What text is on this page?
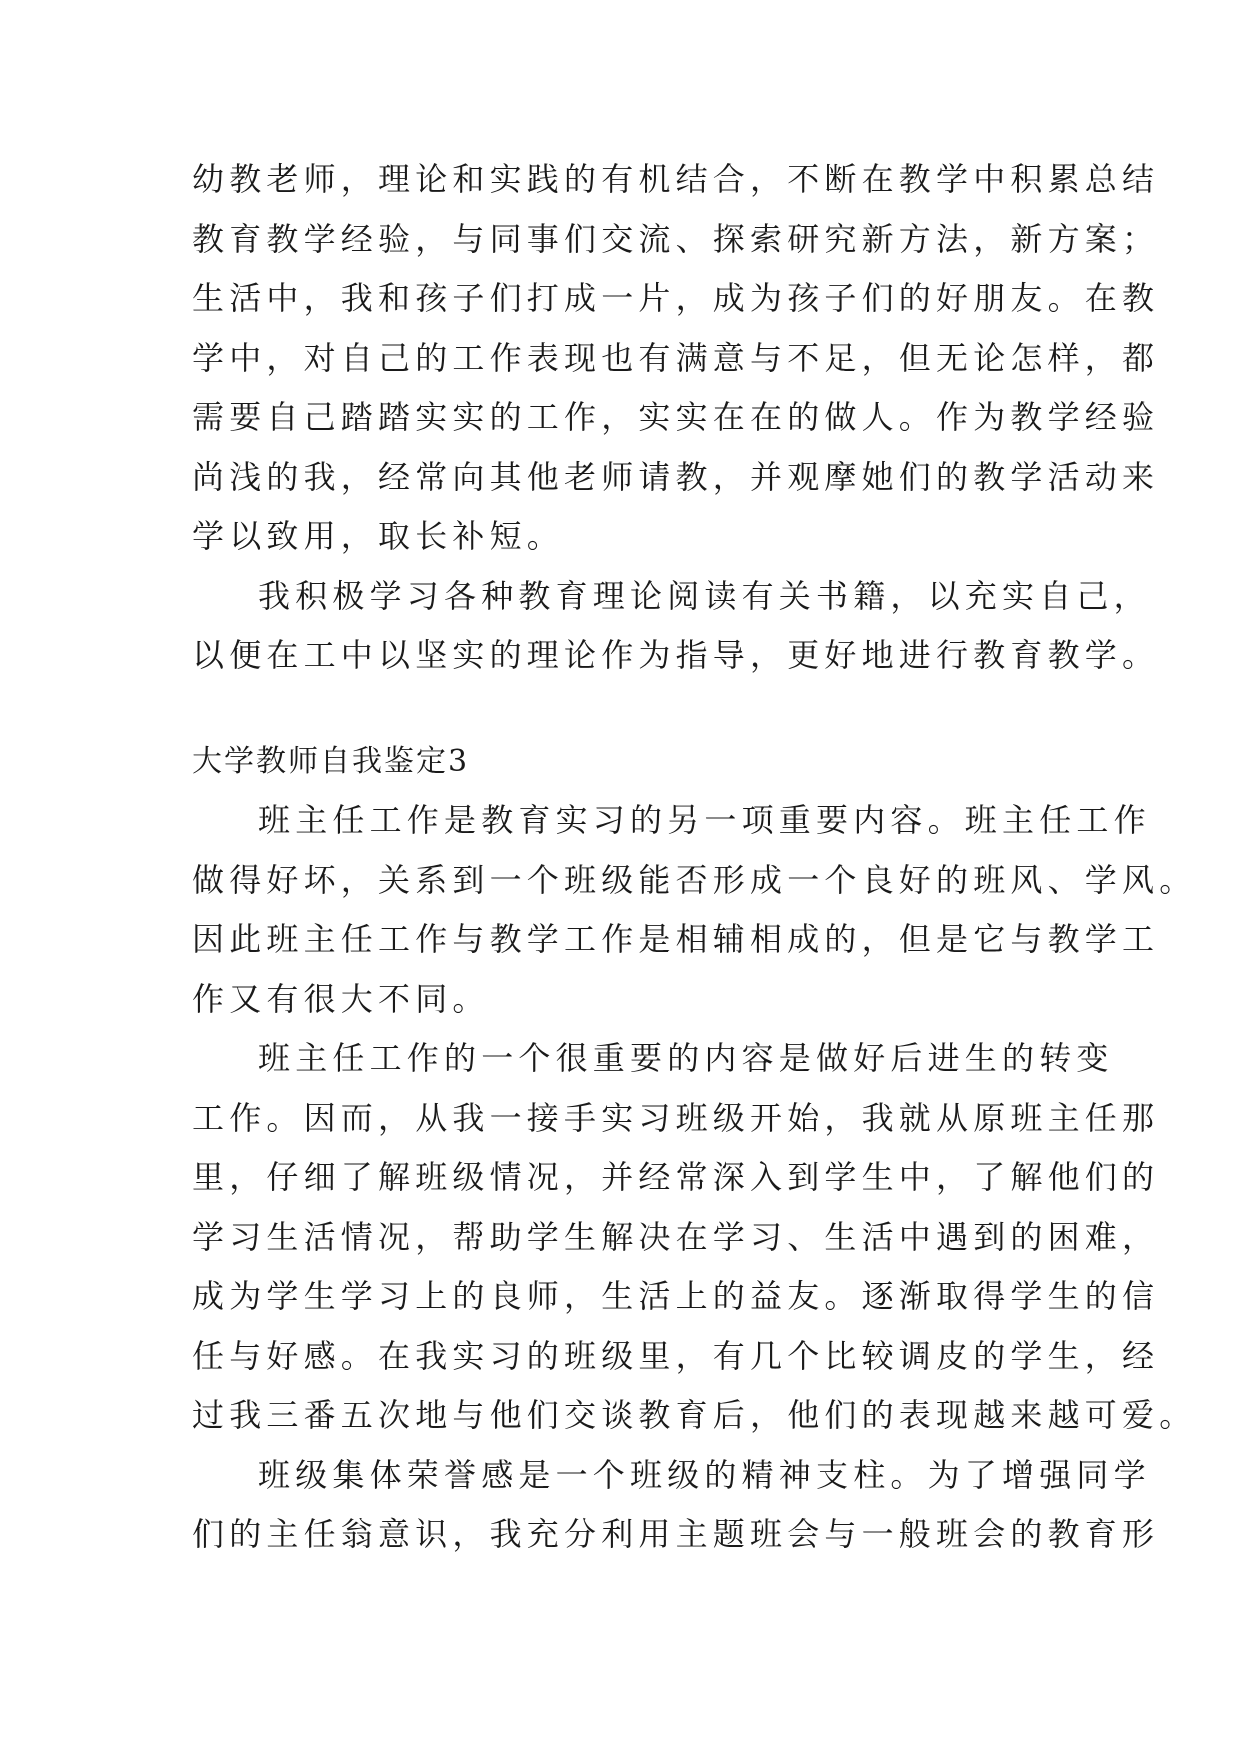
幼教老师，理论和实践的有机结合，不断在教学中积累总结
教育教学经验，与同事们交流、探索研究新方法，新方案；
生活中，我和孩子们打成一片，成为孩子们的好朋友。在教
学中，对自己的工作表现也有满意与不足，但无论怎样，都
需要自己踏踏实实的工作，实实在在的做人。作为教学经验
尚浅的我，经常向其他老师请教，并观摩她们的教学活动来
学以致用，取长补短。
我积极学习各种教育理论阅读有关书籍，以充实自己，
以便在工中以坚实的理论作为指导，更好地进行教育教学。
大学教师自我鉴定3
班主任工作是教育实习的另一项重要内容。班主任工作
做得好坏，关系到一个班级能否形成一个良好的班风、学风。
因此班主任工作与教学工作是相辅相成的，但是它与教学工
作又有很大不同。
班主任工作的一个很重要的内容是做好后进生的转变
工作。因而，从我一接手实习班级开始，我就从原班主任那
里，仔细了解班级情况，并经常深入到学生中，了解他们的
学习生活情况，帮助学生解决在学习、生活中遇到的困难，
成为学生学习上的良师，生活上的益友。逐渐取得学生的信
任与好感。在我实习的班级里，有几个比较调皮的学生，经
过我三番五次地与他们交谈教育后，他们的表现越来越可爱。
班级集体荣誉感是一个班级的精神支柱。为了增强同学
们的主任翁意识，我充分利用主题班会与一般班会的教育形
